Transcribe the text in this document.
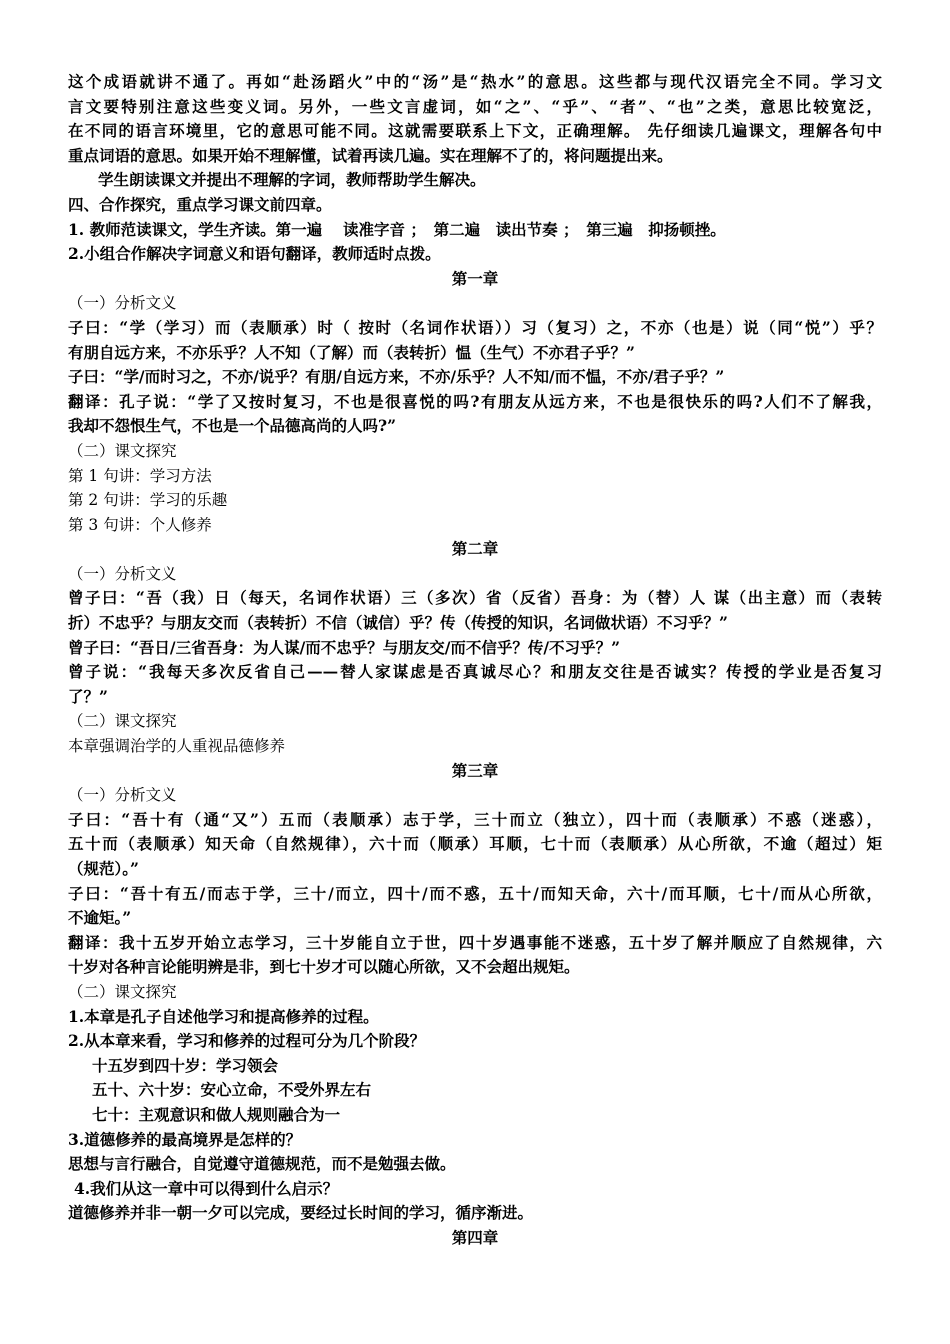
这个成语就讲不通了。再如“赴汤蹈火”中的“汤”是“热水”的意思。这些都与现代汉语完全不同。学习文

言文要特别注意这些变义词。另外，一些文言虚词，如“之”、“乎”、“者”、“也”之类，意思比较宽泛，

在不同的语言环境里，它的意思可能不同。这就需要联系上下文，正确理解。 先仔细读几遍课文，理解各句中

重点词语的意思。如果开始不理解懂，试着再读几遍。实在理解不了的，将问题提出来。

学生朗读课文并提出不理解的字词，教师帮助学生解决。

四、合作探究，重点学习课文前四章。

1. 教师范读课文，学生齐读。第一遍　 读准字音 ；　第二遍　读出节奏 ；　第三遍　抑扬顿挫。

2.小组合作解决字词意义和语句翻译，教师适时点拨。

第一章

（一）分析文义

子曰：“学（学习）而（表顺承）时（ 按时（名词作状语））习（复习）之，不亦（也是）说（同“悦”）乎？

有朋自远方来，不亦乐乎？人不知（了解）而（表转折）愠（生气）不亦君子乎？”

子曰：“学/而时习之，不亦/说乎？有朋/自远方来，不亦/乐乎？人不知/而不愠，不亦/君子乎？”

翻译：孔子说：“学了又按时复习，不也是很喜悦的吗?有朋友从远方来，不也是很快乐的吗?人们不了解我，

我却不怨恨生气，不也是一个品德高尚的人吗?”

（二）课文探究

第 1 句讲：学习方法

第 2 句讲：学习的乐趣

第 3 句讲：个人修养

第二章

（一）分析文义

曾子曰：“吾（我）日（每天，名词作状语）三（多次）省（反省）吾身：为（替）人 谋（出主意）而（表转

折）不忠乎？与朋友交而（表转折）不信（诚信）乎？传（传授的知识，名词做状语）不习乎？”

曾子曰：“吾日/三省吾身：为人谋/而不忠乎？与朋友交/而不信乎？传/不习乎？”

曾子说：“我每天多次反省自己——替人家谋虑是否真诚尽心？和朋友交往是否诚实？传授的学业是否复习

了？”

（二）课文探究

本章强调治学的人重视品德修养

第三章

（一）分析文义

子曰：“吾十有（通“又”）五而（表顺承）志于学，三十而立（独立），四十而（表顺承）不惑（迷惑），

五十而（表顺承）知天命（自然规律），六十而（顺承）耳顺，七十而（表顺承）从心所欲，不逾（超过）矩

（规范）。”

子曰：“吾十有五/而志于学，三十/而立，四十/而不惑，五十/而知天命，六十/而耳顺，七十/而从心所欲，

不逾矩。”

翻译：我十五岁开始立志学习，三十岁能自立于世，四十岁遇事能不迷惑，五十岁了解并顺应了自然规律，六

十岁对各种言论能明辨是非，到七十岁才可以随心所欲，又不会超出规矩。

（二）课文探究

1.本章是孔子自述他学习和提高修养的过程。

2.从本章来看，学习和修养的过程可分为几个阶段？

十五岁到四十岁：学习领会

五十、六十岁：安心立命，不受外界左右

七十：主观意识和做人规则融合为一

3.道德修养的最高境界是怎样的？

思想与言行融合，自觉遵守道德规范，而不是勉强去做。

4.我们从这一章中可以得到什么启示？

道德修养并非一朝一夕可以完成，要经过长时间的学习，循序渐进。

第四章
